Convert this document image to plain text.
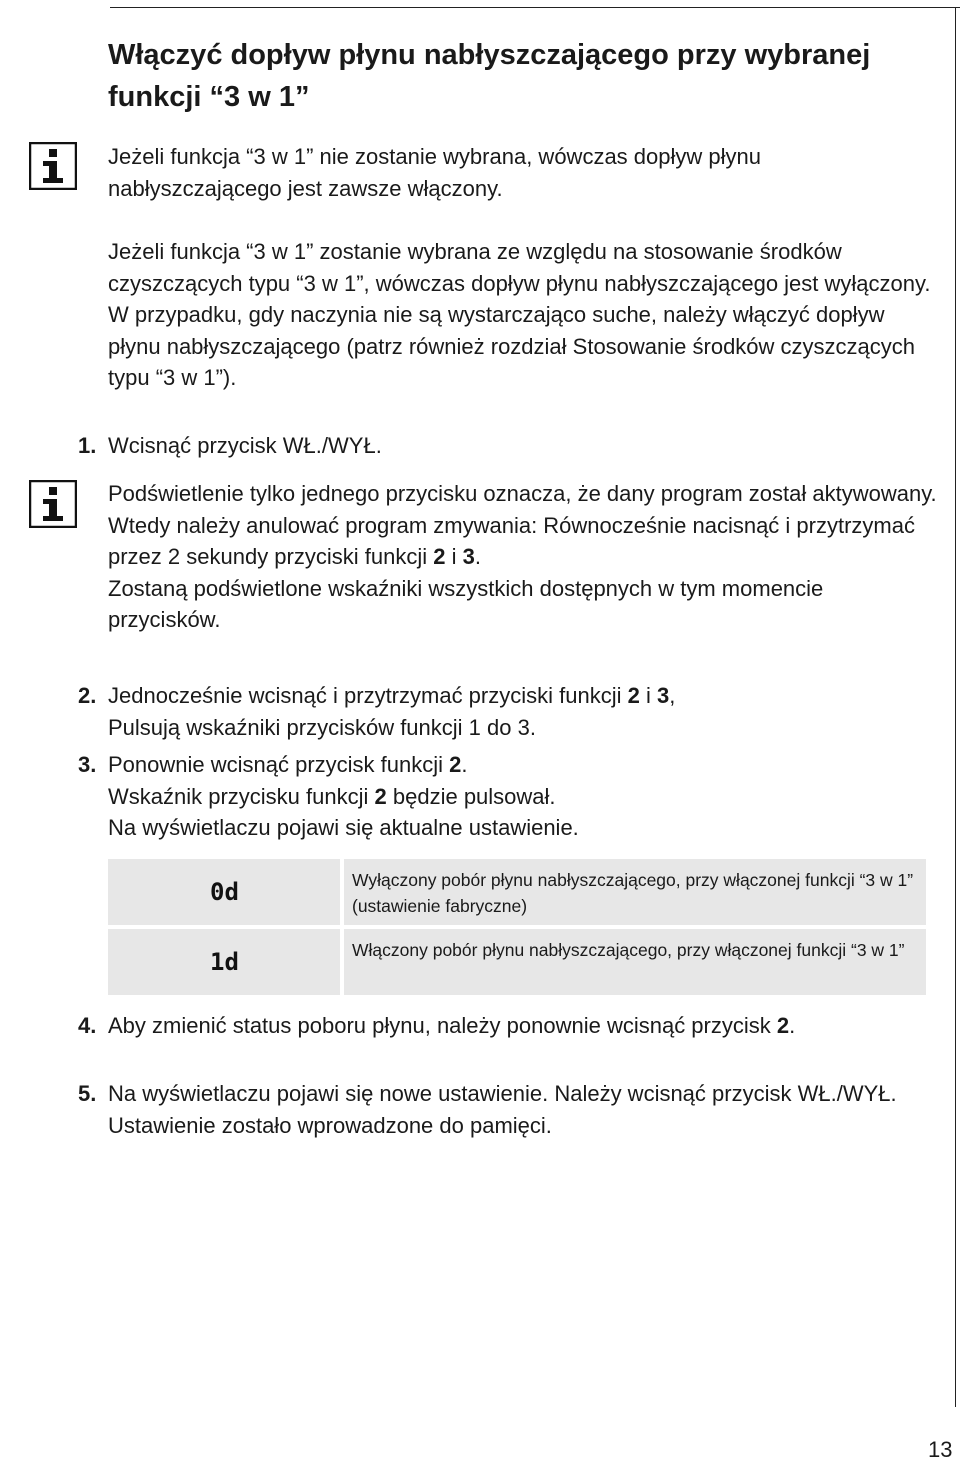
Włączyć dopływ płynu nabłyszczającego przy wybranej funkcji “3 w 1”

Jeżeli funkcja “3 w 1” nie zostanie wybrana, wówczas dopływ płynu nabłyszczającego jest zawsze włączony.

Jeżeli funkcja “3 w 1” zostanie wybrana ze względu na stosowanie środków czyszczących typu “3 w 1”, wówczas dopływ płynu nabłyszczającego jest wyłączony. W przypadku, gdy naczynia nie są wystarczająco suche, należy włączyć dopływ płynu nabłyszczającego (patrz również rozdział Stosowanie środków czyszczących typu “3 w 1”).

1. Wcisnąć przycisk WŁ./WYŁ.

Podświetlenie tylko jednego przycisku oznacza, że dany program został aktywowany. Wtedy należy anulować program zmywania: Równocześnie nacisnąć i przytrzymać przez 2 sekundy przyciski funkcji 2 i 3.
Zostaną podświetlone wskaźniki wszystkich dostępnych w tym momencie przycisków.

2. Jednocześnie wcisnąć i przytrzymać przyciski funkcji 2 i 3,
Pulsują wskaźniki przycisków funkcji 1 do 3.
3. Ponownie wcisnąć przycisk funkcji 2.
Wskaźnik przycisku funkcji 2 będzie pulsował.
Na wyświetlaczu pojawi się aktualne ustawienie.
0d	Wyłączony pobór płynu nabłyszczającego, przy włączonej funkcji “3 w 1” (ustawienie fabryczne)
1d	Włączony pobór płynu nabłyszczającego, przy włączonej funkcji “3 w 1”
4. Aby zmienić status poboru płynu, należy ponownie wcisnąć przycisk 2.
5. Na wyświetlaczu pojawi się nowe ustawienie. Należy wcisnąć przycisk WŁ./WYŁ. Ustawienie zostało wprowadzone do pamięci.
13
